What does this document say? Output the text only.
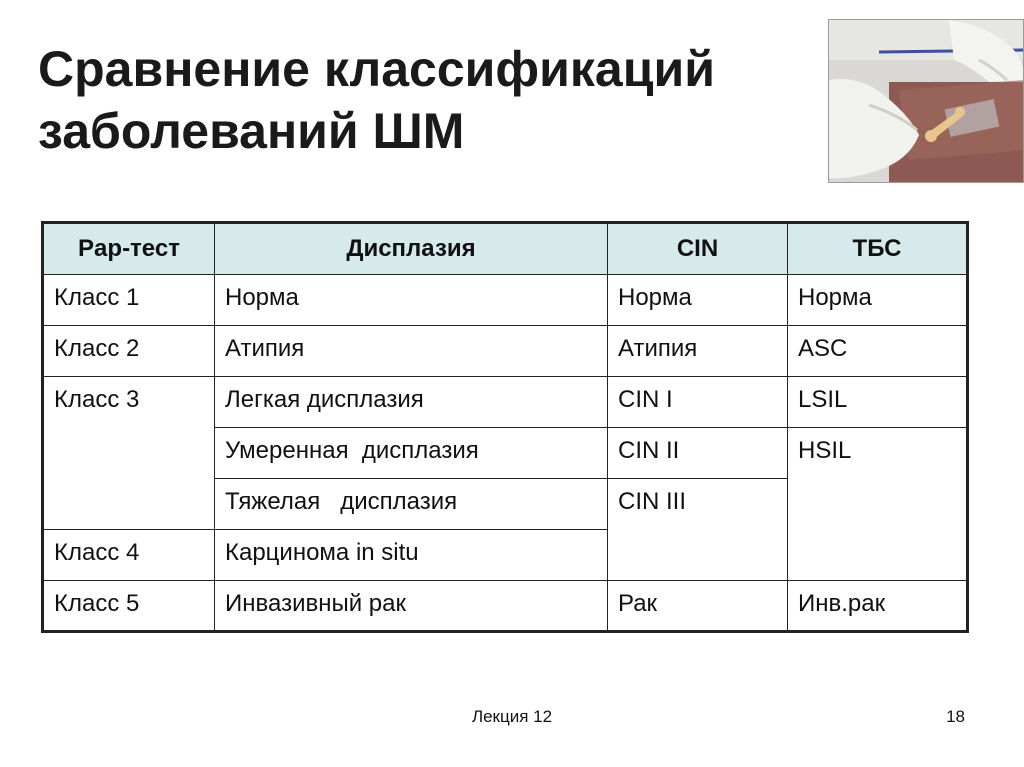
Сравнение классификаций
заболеваний ШМ
Pap-тест	Дисплазия	CIN	ТБС
Класс 1	Норма	Норма	Норма
Класс 2	Атипия	Атипия	ASC
Класс 3	Легкая дисплазия	CIN I	LSIL
	Умеренная  дисплазия	CIN II	HSIL
	Тяжелая   дисплазия	CIN III	
Класс 4	Карцинома in situ		
Класс 5	Инвазивный рак	Рак	Инв.рак
Лекция 12	18
